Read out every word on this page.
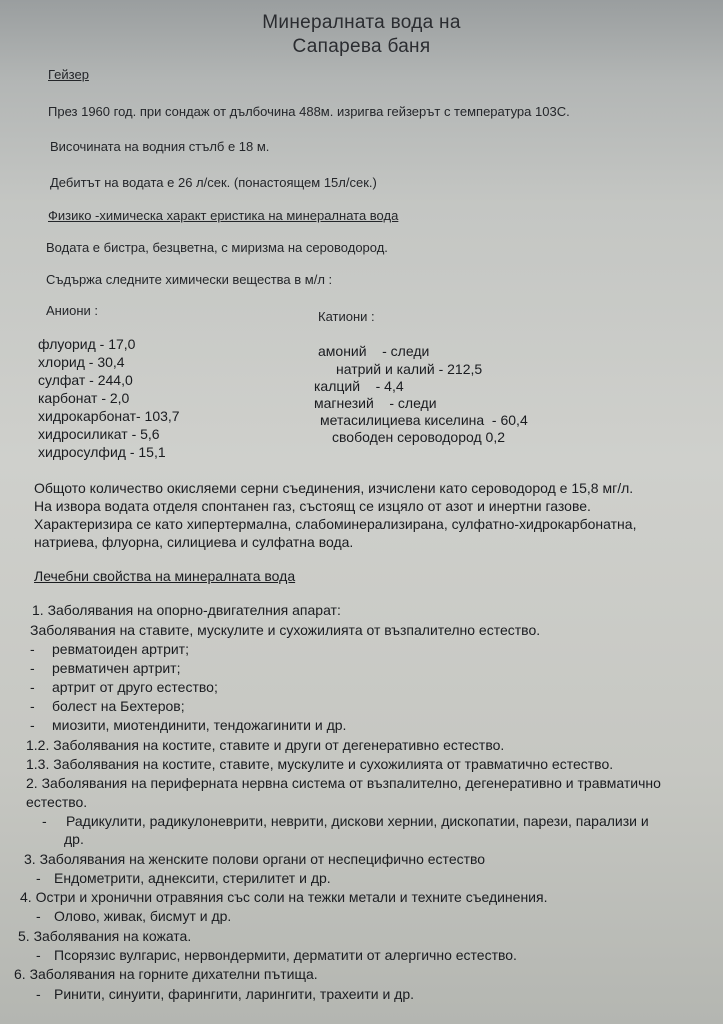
Минералната вода на
Сапарева баня
Гейзер
През 1960 год. при сондаж от дълбочина 488м. изригва гейзерът с температура 103С.
Височината на водния стълб е 18 м.
Дебитът на водата е 26 л/сек. (понастоящем 15л/сек.)
Физико -химическа характ еристика на минералната вода
Водата е бистра, безцветна, с миризма на сероводород.
Съдържа следните химически вещества в м/л :
Аниони :	Катиони :
флуорид - 17,0
хлорид - 30,4
сулфат - 244,0
карбонат - 2,0
хидрокарбонат- 103,7
хидросиликат - 5,6
хидросулфид - 15,1
амоний    - следи
натрий и калий - 212,5
калций    - 4,4
магнезий    - следи
метасилициева киселина  - 60,4
свободен сероводород 0,2
Общото количество окисляеми серни съединения, изчислени като сероводород е 15,8 мг/л.
На извора водата отделя спонтанен газ, състоящ се изцяло от азот и инертни газове.
Характеризира се като хипертермална, слабоминерализирана, сулфатно-хидрокарбонатна,
натриева, флуорна, силициева и сулфатна вода.
Лечебни свойства на минералната вода
1. Заболявания на опорно-двигателния апарат:
Заболявания на ставите, мускулите и сухожилията от възпалително естество.
- ревматоиден артрит;
- ревматичен артрит;
- артрит от друго естество;
- болест на Бехтеров;
- миозити, миотендинити, тендожагинити и др.
1.2. Заболявания на костите, ставите и други от дегенеративно естество.
1.3. Заболявания на костите, ставите, мускулите и сухожилията от травматично естество.
2. Заболявания на периферната нервна система от възпалително, дегенеративно и травматично
естество.
- Радикулити, радикулоневрити, неврити, дискови хернии, дископатии, парези, парализи и
др.
3. Заболявания на женските полови органи от неспецифично естество
- Ендометрити, аднексити, стерилитет и др.
4. Остри и хронични отравяния със соли на тежки метали и техните съединения.
- Олово, живак, бисмут и др.
5. Заболявания на кожата.
- Псорязис вулгарис, нервондермити, дерматити от алергично естество.
6. Заболявания на горните дихателни пътища.
- Ринити, синуити, фарингити, ларингити, трахеити и др.
